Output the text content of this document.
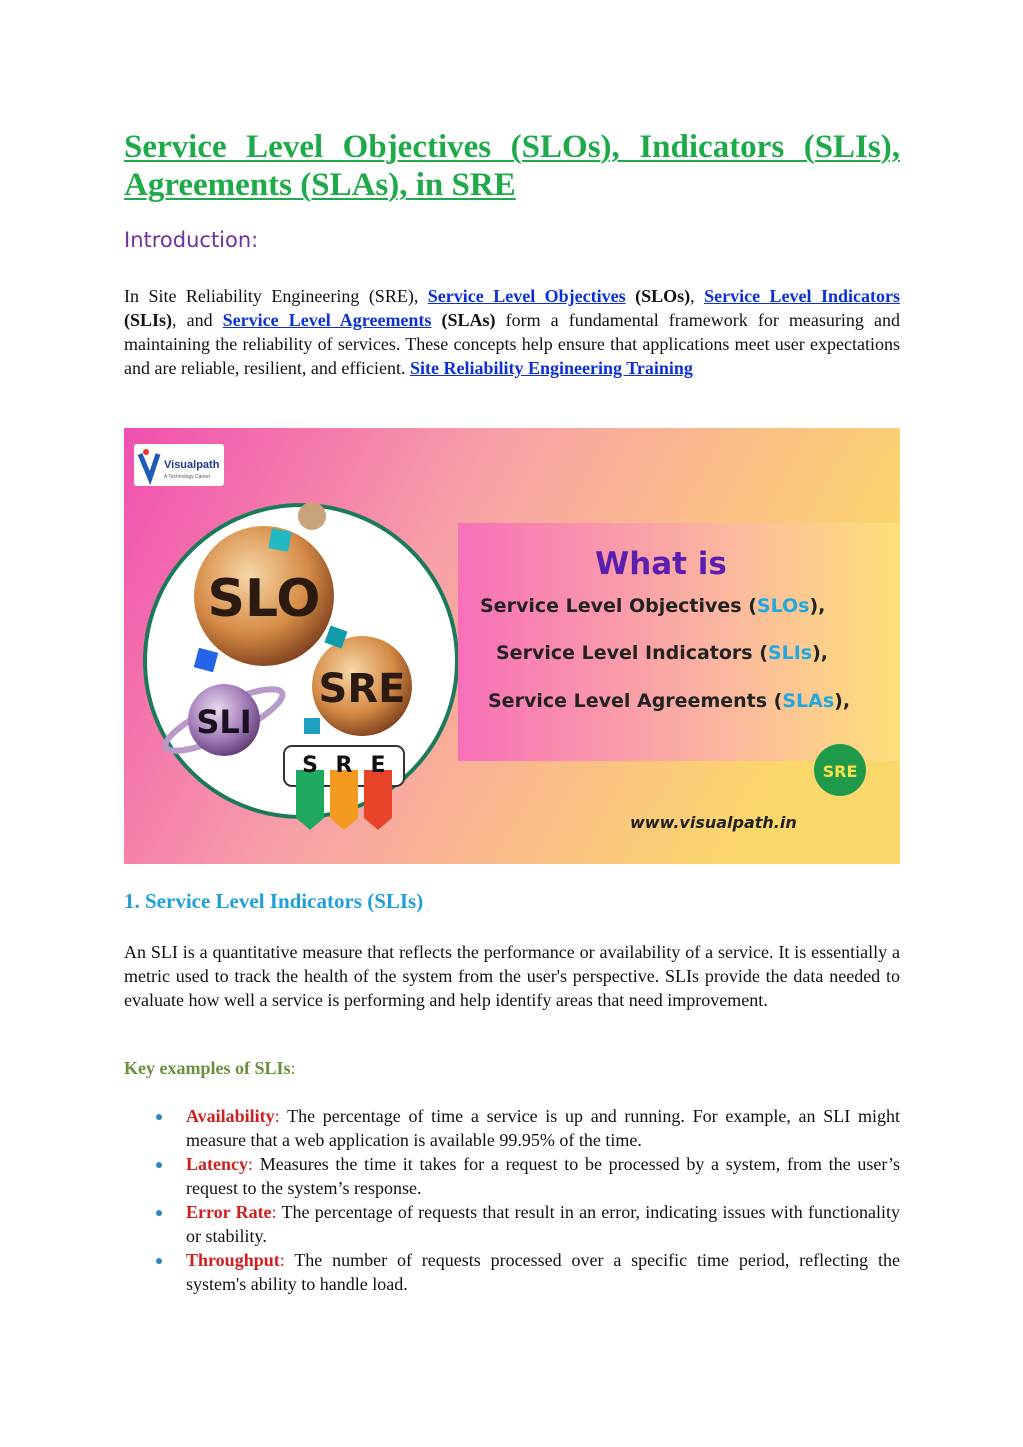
Service Level Objectives (SLOs), Indicators (SLIs), Agreements (SLAs), in SRE
Introduction:

In Site Reliability Engineering (SRE), Service Level Objectives (SLOs), Service Level Indicators (SLIs), and Service Level Agreements (SLAs) form a fundamental framework for measuring and maintaining the reliability of services. These concepts help ensure that applications meet user expectations and are reliable, resilient, and efficient. Site Reliability Engineering Training

Visualpath
A Technology Career
SLO
SRE
SLI
S R E
What is
Service Level Objectives (SLOs),
Service Level Indicators (SLIs),
Service Level Agreements (SLAs),
SRE
www.visualpath.in
1. Service Level Indicators (SLIs)

An SLI is a quantitative measure that reflects the performance or availability of a service. It is essentially a metric used to track the health of the system from the user's perspective. SLIs provide the data needed to evaluate how well a service is performing and help identify areas that need improvement.

Key examples of SLIs:

Availability: The percentage of time a service is up and running. For example, an SLI might measure that a web application is available 99.95% of the time.
Latency: Measures the time it takes for a request to be processed by a system, from the user’s request to the system’s response.
Error Rate: The percentage of requests that result in an error, indicating issues with functionality or stability.
Throughput: The number of requests processed over a specific time period, reflecting the system's ability to handle load.
